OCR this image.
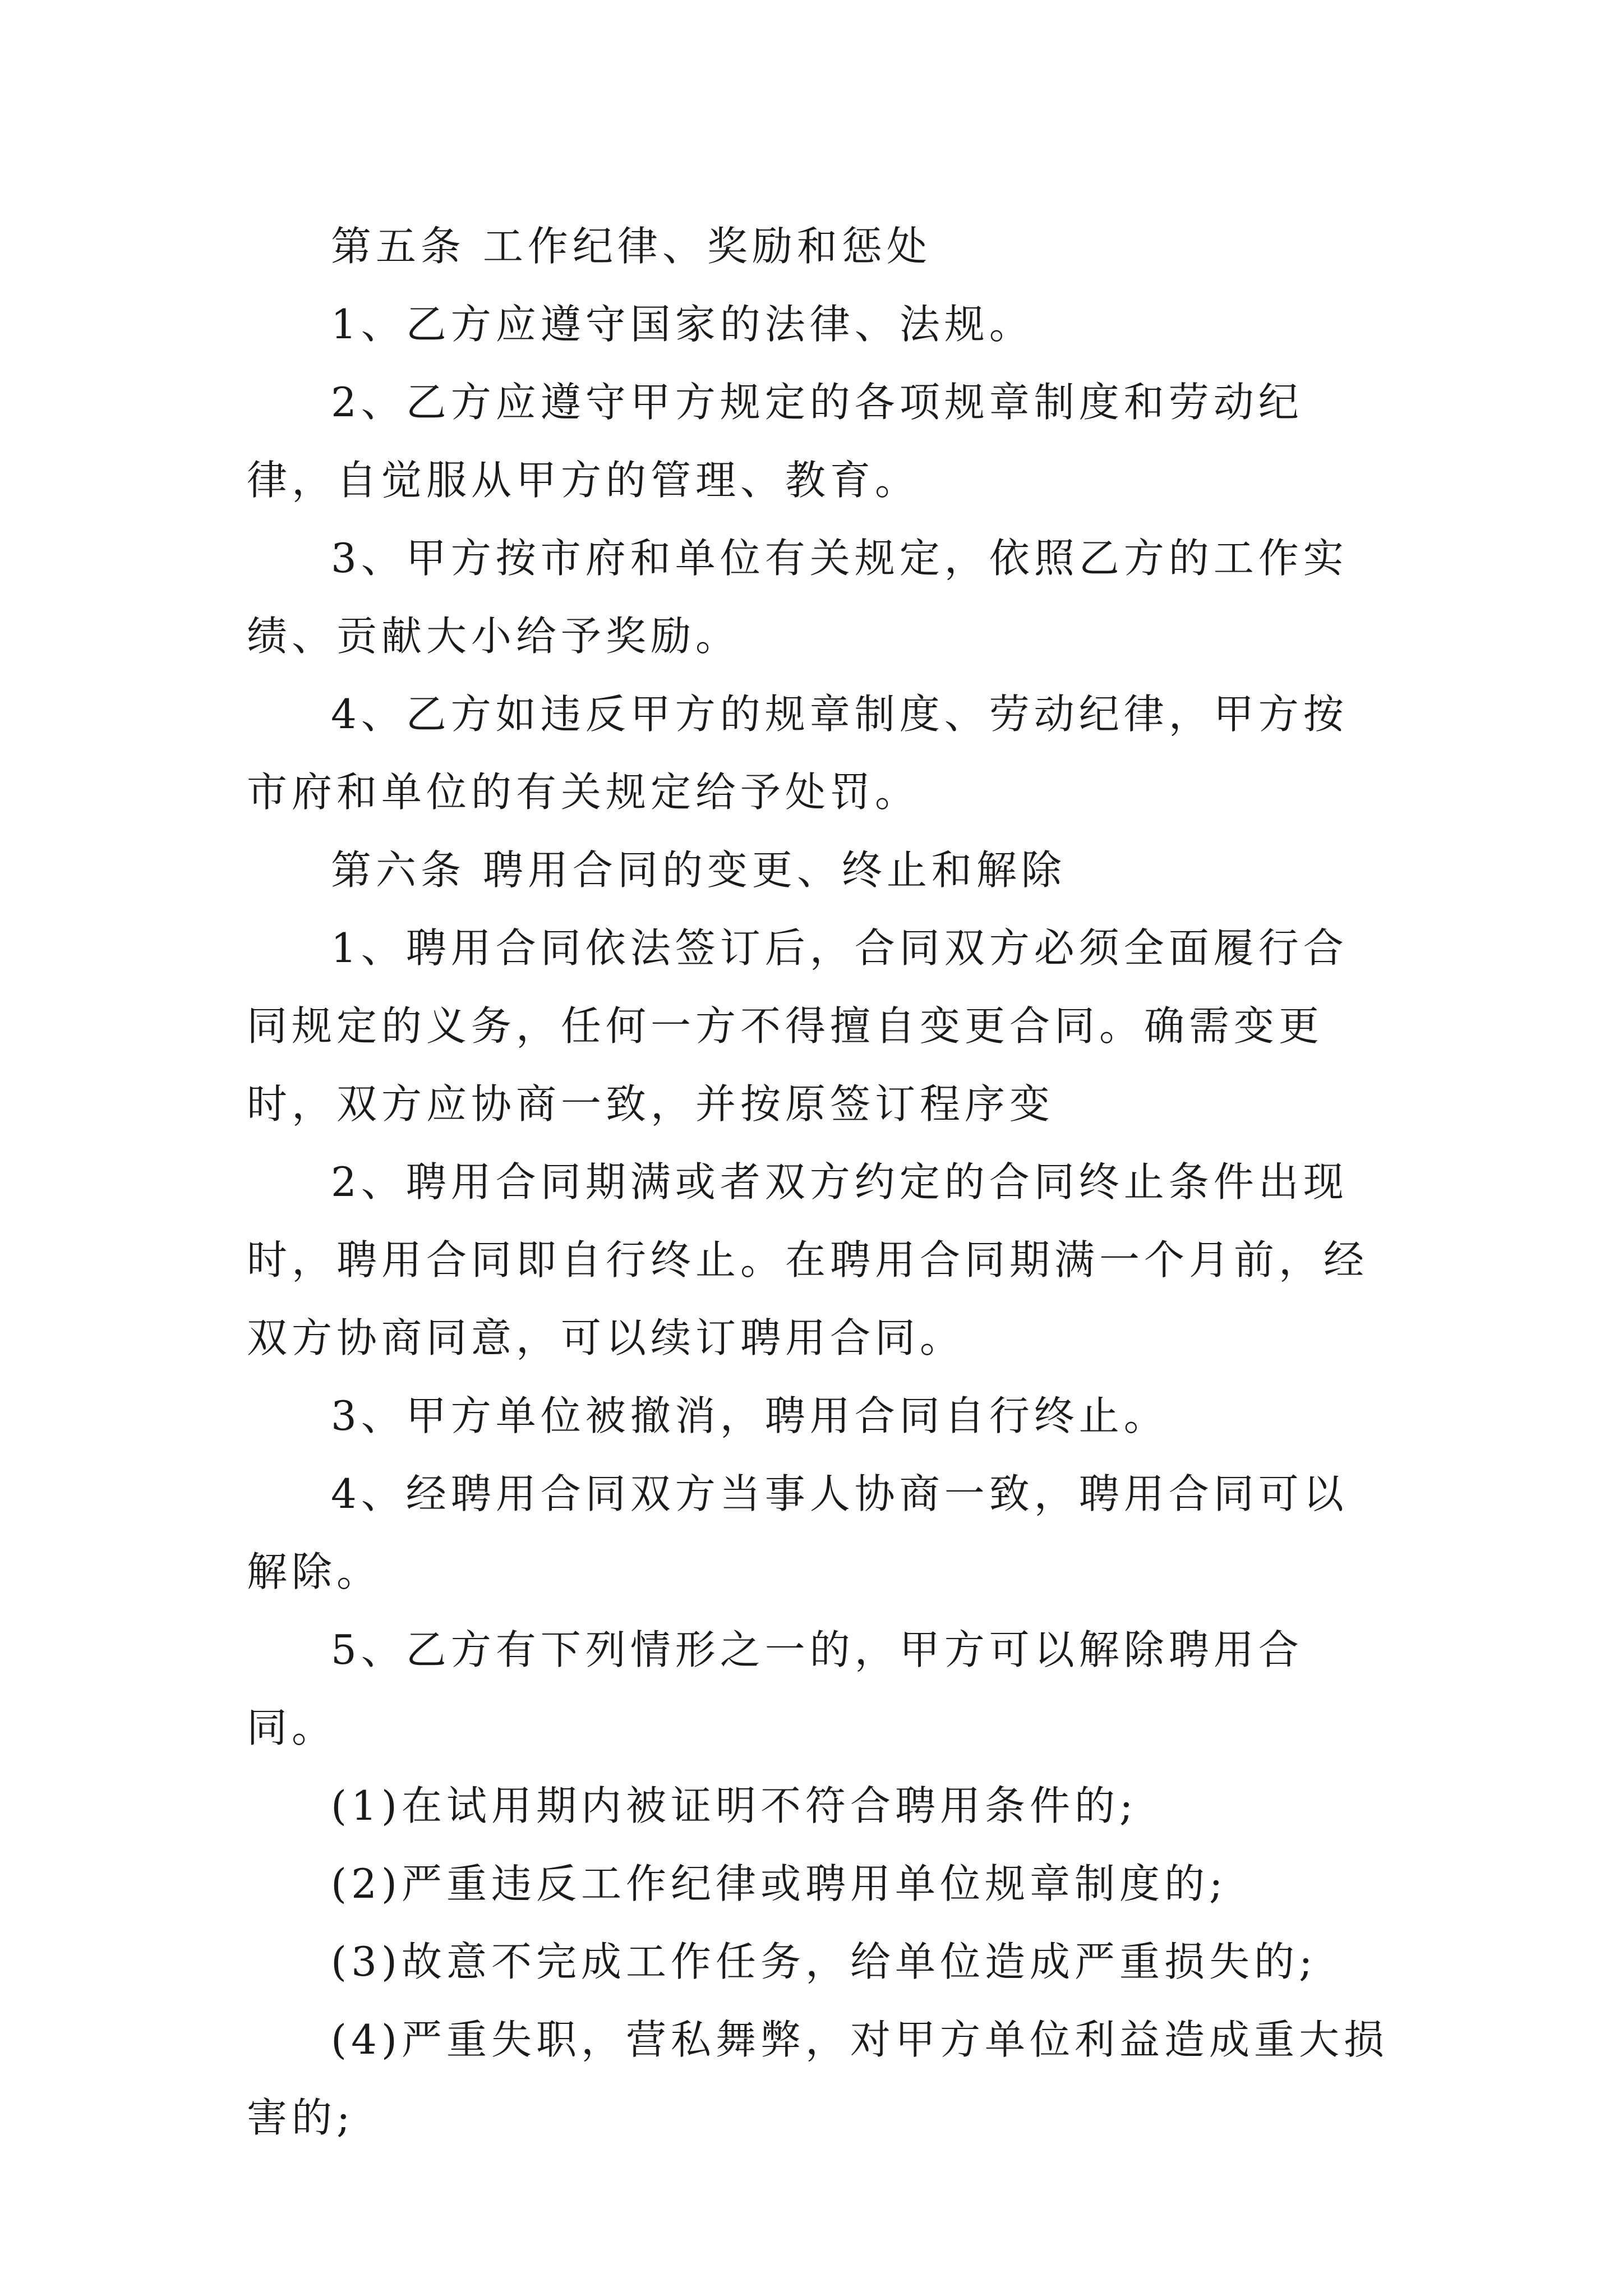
第五条 工作纪律、奖励和惩处

1、乙方应遵守国家的法律、法规。

2、乙方应遵守甲方规定的各项规章制度和劳动纪律，自觉服从甲方的管理、教育。

3、甲方按市府和单位有关规定，依照乙方的工作实绩、贡献大小给予奖励。

4、乙方如违反甲方的规章制度、劳动纪律，甲方按市府和单位的有关规定给予处罚。

第六条 聘用合同的变更、终止和解除

1、聘用合同依法签订后，合同双方必须全面履行合同规定的义务，任何一方不得擅自变更合同。确需变更时，双方应协商一致，并按原签订程序变

2、聘用合同期满或者双方约定的合同终止条件出现时，聘用合同即自行终止。在聘用合同期满一个月前，经双方协商同意，可以续订聘用合同。

3、甲方单位被撤消，聘用合同自行终止。

4、经聘用合同双方当事人协商一致，聘用合同可以解除。

5、乙方有下列情形之一的，甲方可以解除聘用合同。

(1)在试用期内被证明不符合聘用条件的;

(2)严重违反工作纪律或聘用单位规章制度的;

(3)故意不完成工作任务，给单位造成严重损失的;

(4)严重失职，营私舞弊，对甲方单位利益造成重大损害的;
